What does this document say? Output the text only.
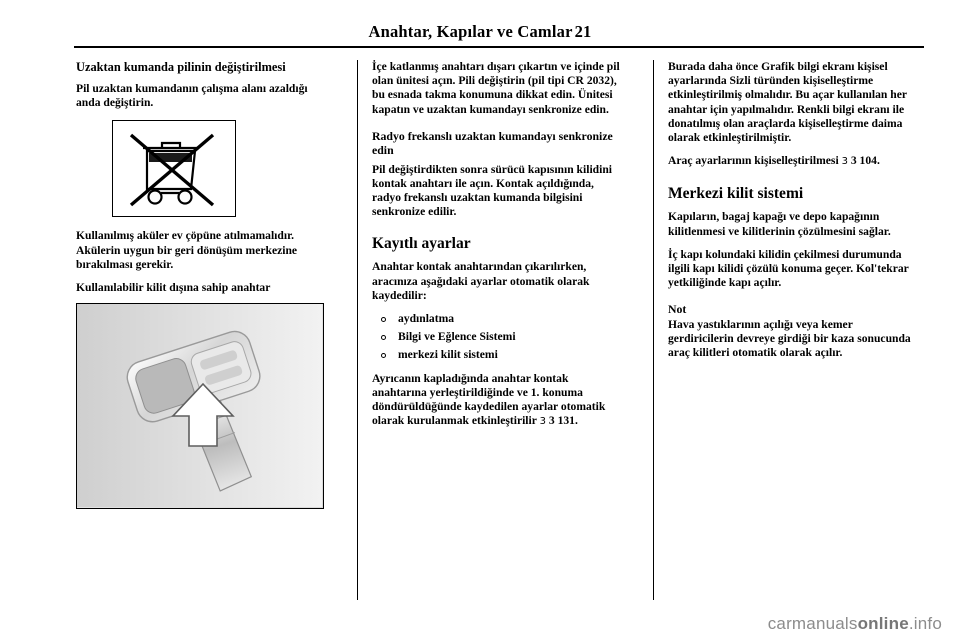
Anahtar, Kapılar ve Camlar 21
Uzaktan kumanda pilinin değiştirilmesi

Pil uzaktan kumandanın çalışma alanı azaldığı anda değiştirin.

Kullanılmış aküler ev çöpüne atılmamalıdır. Akülerin uygun bir geri dönüşüm merkezine bırakılması gerekir.

Kullanılabilir kilit dışına sahip anahtar

İçe katlanmış anahtarı dışarı çıkartın ve içinde pil olan ünitesi açın. Pili değiştirin (pil tipi CR 2032), bu esnada takma konumuna dikkat edin. Ünitesi kapatın ve uzaktan kumandayı senkronize edin.

Radyo frekanslı uzaktan kumandayı senkronize edin

Pil değiştirdikten sonra sürücü kapısının kilidini kontak anahtarı ile açın. Kontak açıldığında, radyo frekanslı uzaktan kumanda bilgisini senkronize edilir.

Kayıtlı ayarlar

Anahtar kontak anahtarından çıkarılırken, aracınıza aşağıdaki ayarlar otomatik olarak kaydedilir:

aydınlatma
Bilgi ve Eğlence Sistemi
merkezi kilit sistemi

Ayrıcanın kapladığında anahtar kontak anahtarına yerleştirildiğinde ve 1. konuma döndürüldüğünde kaydedilen ayarlar otomatik olarak kurulanmak etkinleştirilir 3 3 131.

Burada daha önce Grafik bilgi ekranı kişisel ayarlarında Sizli türünden kişiselleştirme etkinleştirilmiş olmalıdır. Bu açar kullanılan her anahtar için yapılmalıdır. Renkli bilgi ekranı ile donatılmış olan araçlarda kişiselleştirme daima olarak etkinleştirilmiştir.

Araç ayarlarının kişiselleştirilmesi 3 3 104.

Merkezi kilit sistemi

Kapıların, bagaj kapağı ve depo kapağının kilitlenmesi ve kilitlerinin çözülmesini sağlar.

İç kapı kolundaki kilidin çekilmesi durumunda ilgili kapı kilidi çözülü konuma geçer. Kol'tekrar yetkiliğinde kapı açılır.

Not
Hava yastıklarının açılığı veya kemer gerdiricilerin devreye girdiği bir kaza sonucunda araç kilitleri otomatik olarak açılır.
carmanualsonline.info
